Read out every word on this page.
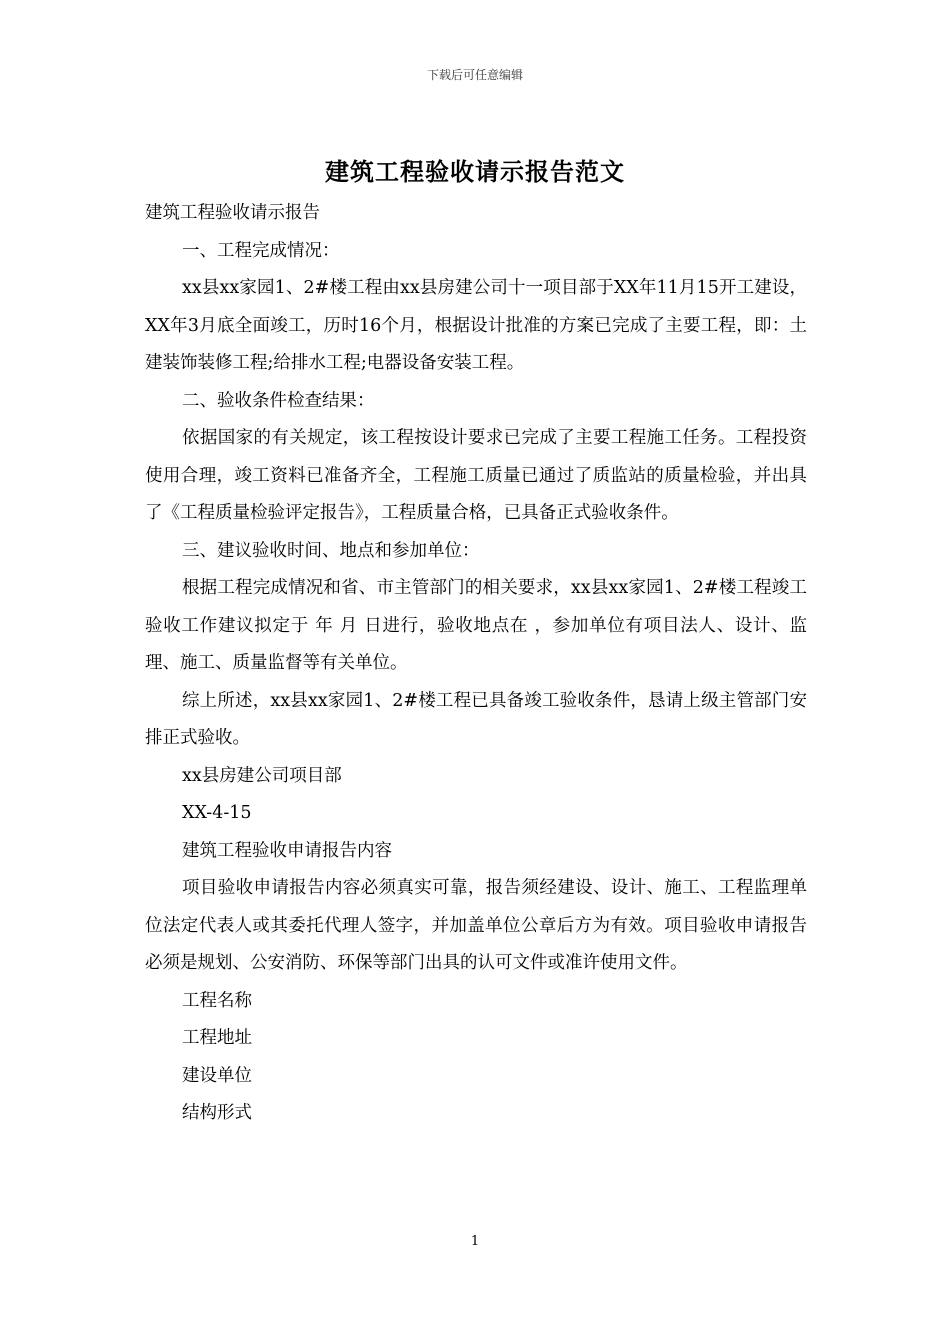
下载后可任意编辑
建筑工程验收请示报告范文

建筑工程验收请示报告

一、工程完成情况：

xx县xx家园1、2#楼工程由xx县房建公司十一项目部于XX年11月15开工建设， XX年3月底全面竣工，历时16个月，根据设计批准的方案已完成了主要工程，即：土建装饰装修工程;给排水工程;电器设备安装工程。

二、验收条件检查结果：

依据国家的有关规定，该工程按设计要求已完成了主要工程施工任务。工程投资使用合理，竣工资料已准备齐全，工程施工质量已通过了质监站的质量检验，并出具了《工程质量检验评定报告》，工程质量合格，已具备正式验收条件。

三、建议验收时间、地点和参加单位：

根据工程完成情况和省、市主管部门的相关要求，xx县xx家园1、2#楼工程竣工验收工作建议拟定于 年 月 日进行，验收地点在 ，参加单位有项目法人、设计、监理、施工、质量监督等有关单位。

综上所述，xx县xx家园1、2#楼工程已具备竣工验收条件，恳请上级主管部门安排正式验收。

xx县房建公司项目部

XX-4-15

建筑工程验收申请报告内容

项目验收申请报告内容必须真实可靠，报告须经建设、设计、施工、工程监理单位法定代表人或其委托代理人签字，并加盖单位公章后方为有效。项目验收申请报告必须是规划、公安消防、环保等部门出具的认可文件或准许使用文件。

工程名称

工程地址

建设单位

结构形式

1
